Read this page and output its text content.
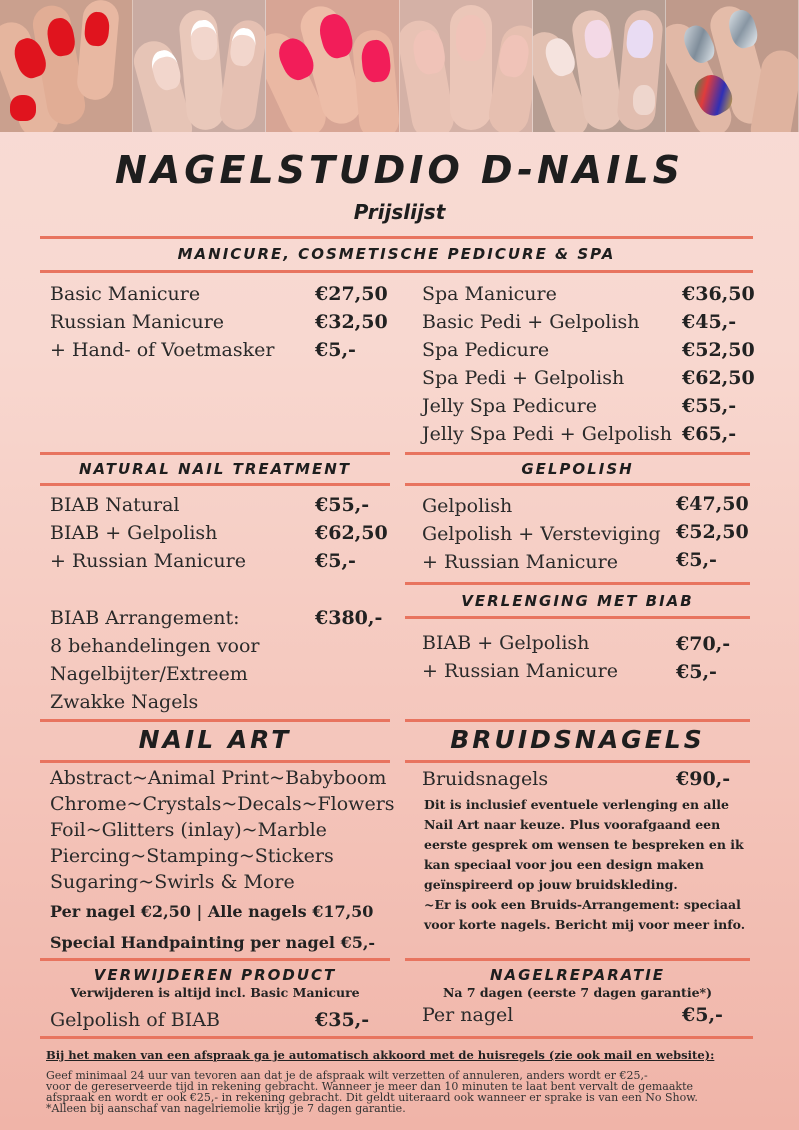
NAGELSTUDIO D-NAILS
Prijslijst
MANICURE, COSMETISCHE PEDICURE & SPA
Basic Manicure	€27,50
Russian Manicure	€32,50
+ Hand- of Voetmasker €5,-
Spa Manicure	€36,50
Basic Pedi + Gelpolish €45,-
Spa Pedicure	€52,50
Spa Pedi + Gelpolish	€62,50
Jelly Spa Pedicure	€55,-
Jelly Spa Pedi + Gelpolish €65,-
NATURAL NAIL TREATMENT
BIAB Natural	€55,-
BIAB + Gelpolish	€62,50
+ Russian Manicure	€5,-
BIAB Arrangement:	€380,-
8 behandelingen voor
Nagelbijter/Extreem
Zwakke Nagels
GELPOLISH
Gelpolish	€47,50
Gelpolish + Versteviging €52,50
+ Russian Manicure	€5,-
VERLENGING MET BIAB
BIAB + Gelpolish	€70,-
+ Russian Manicure	€5,-
NAIL ART
Abstract~Animal Print~Babyboom
Chrome~Crystals~Decals~Flowers
Foil~Glitters (inlay)~Marble
Piercing~Stamping~Stickers
Sugaring~Swirls & More
Per nagel €2,50 | Alle nagels €17,50
Special Handpainting per nagel €5,-
BRUIDSNAGELS
Bruidsnagels	€90,-
Dit is inclusief eventuele verlenging en alle
Nail Art naar keuze. Plus voorafgaand een
eerste gesprek om wensen te bespreken en ik
kan speciaal voor jou een design maken
geïnspireerd op jouw bruidskleding.
~Er is ook een Bruids-Arrangement: speciaal
voor korte nagels. Bericht mij voor meer info.
VERWIJDEREN PRODUCT
Verwijderen is altijd incl. Basic Manicure
Gelpolish of BIAB	€35,-
NAGELREPARATIE
Na 7 dagen (eerste 7 dagen garantie*)
Per nagel	€5,-
Bij het maken van een afspraak ga je automatisch akkoord met de huisregels (zie ook mail en website):
Geef minimaal 24 uur van tevoren aan dat je de afspraak wilt verzetten of annuleren, anders wordt er €25,-
voor de gereserveerde tijd in rekening gebracht. Wanneer je meer dan 10 minuten te laat bent vervalt de gemaakte
afspraak en wordt er ook €25,- in rekening gebracht. Dit geldt uiteraard ook wanneer er sprake is van een No Show.
*Alleen bij aanschaf van nagelriemolie krijg je 7 dagen garantie.
